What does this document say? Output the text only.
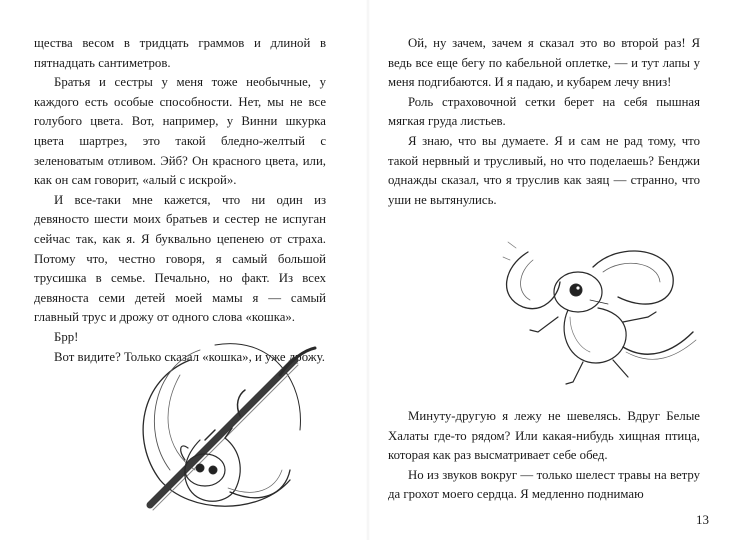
щества весом в тридцать граммов и длиной в пятнадцать сантиметров.

Братья и сестры у меня тоже необычные, у каждого есть особые способности. Нет, мы не все голубого цвета. Вот, например, у Винни шкурка цвета шартрез, это такой бледно-желтый с зеленоватым отливом. Эйб? Он красного цвета, или, как он сам говорит, «алый с искрой».

И все-таки мне кажется, что ни один из девяносто шести моих братьев и сестер не испуган сейчас так, как я. Я буквально цепенею от страха. Потому что, честно говоря, я самый большой трусишка в семье. Печально, но факт. Из всех девяноста семи детей моей мамы я — самый главный трус и дрожу от одного слова «кошка».

Брр!

Вот видите? Только сказал «кошка», и уже дрожу.

Ой, ну зачем, зачем я сказал это во второй раз! Я ведь все еще бегу по кабельной оплетке, — и тут лапы у меня подгибаются. И я падаю, и кубарем лечу вниз!

Роль страховочной сетки берет на себя пышная мягкая груда листьев.

Я знаю, что вы думаете. Я и сам не рад тому, что такой нервный и трусливый, но что поделаешь? Бенджи однажды сказал, что я труслив как заяц — странно, что уши не вытянулись.

Минуту-другую я лежу не шевелясь. Вдруг Белые Халаты где-то рядом? Или какая-нибудь хищная птица, которая как раз высматривает себе обед.

Но из звуков вокруг — только шелест травы на ветру да грохот моего сердца. Я медленно поднимаю

13
